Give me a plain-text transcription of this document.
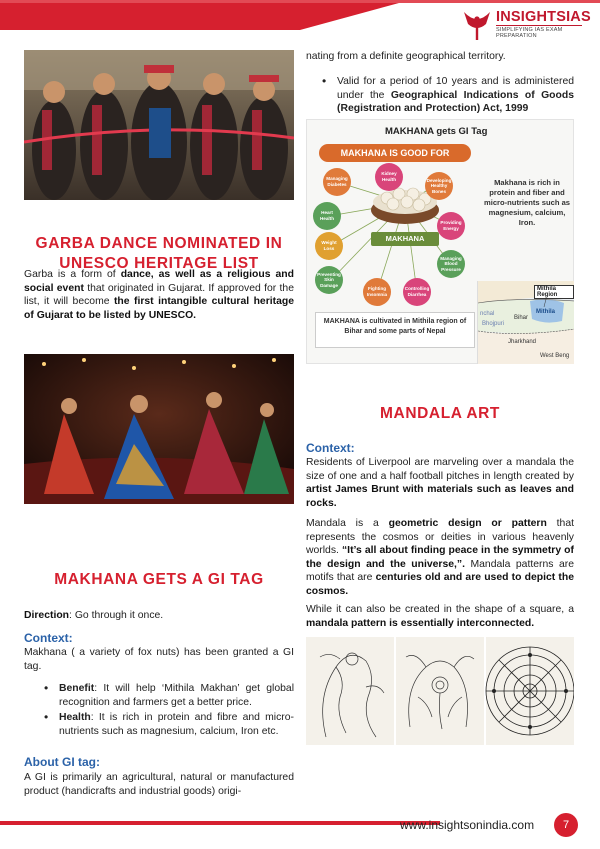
INSIGHTSIAS
SIMPLIFYING IAS EXAM PREPARATION
GARBA DANCE NOMINATED IN
UNESCO HERITAGE LIST
Garba is a form of dance, as well as a religious and social event that originated in Gujarat. If approved for the list, it will become the first intangible cultural heritage of Gujarat to be listed by UNESCO.
MAKHANA GETS A GI TAG
Direction: Go through it once.
Context:
Makhana ( a variety of fox nuts) has been granted a GI tag.
• Benefit: It will help ‘Mithila Makhan’ get global recognition and farmers get a better price.
• Health: It is rich in protein and fibre and micro-nutrients such as magnesium, calcium, Iron etc.
About GI tag:
A GI is primarily an agricultural, natural or manufactured product (handicrafts and industrial goods) origi-
nating from a definite geographical territory.
• Valid for a period of 10 years and is administered under the Geographical Indications of Goods (Registration and Protection) Act, 1999
MAKHANA gets GI Tag
MAKHANA IS GOOD FOR
Managing Diabetes
Kidney Health	Developing Healthy Bones
Heart Health
Providing Energy
Weight Loss
Managing Blood Pressure
Preventing Skin Damage
Fighting Insomnia
Controlling Diarrhea
MAKHANA
Makhana is rich in protein and fiber and micro-nutrients such as magnesium, calcium, Iron.
MAKHANA is cultivated in Mithila region of Bihar and some parts of Nepal
Mithila Region
Mithila
Bihar
nchal
Bhojpuri
Jharkhand
West Beng
MANDALA ART
Context:
Residents of Liverpool are marveling over a mandala the size of one and a half football pitches in length created by artist James Brunt with materials such as leaves and rocks.
Mandala is a geometric design or pattern that represents the cosmos or deities in various heavenly worlds. “It’s all about finding peace in the symmetry of the design and the universe,”. Mandala patterns are motifs that are centuries old and are used to depict the cosmos.
While it can also be created in the shape of a square, a mandala pattern is essentially interconnected.
www.insightsonindia.com	7
